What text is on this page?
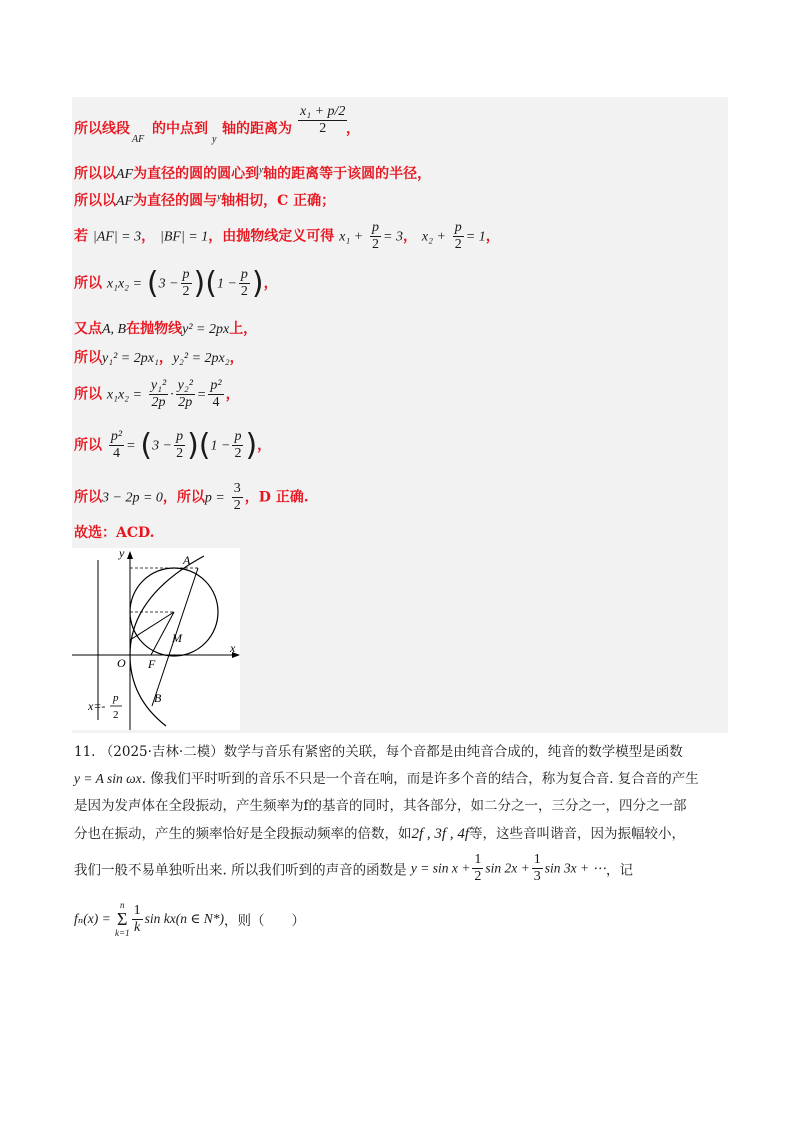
所以线段
AF
的中点到
y
轴的距离为 $\frac{\text{x₁ + p/2}}{2}$
，
所以以AF为直径的圆的圆心到$^y$轴的距离等于该圆的半径，
所以以AF为直径的圆与$^y$轴相切，C 正确；
若 |AF| = 3， |BF| = 1，由抛物线定义可得 $x_1 + \frac{p}{2} = 3$， $x_2 + \frac{p}{2} = 1$，
所以 $x_1x_2 = (3 - \frac{p}{2} )(1 - \frac{p}{2}$ )，
又点A, B在抛物线y² = 2px上，
所以y₁² = 2px₁，y₂² = 2px₂，
所以 $x_1x_2 = \frac{\text{y₁²}}{2p} \cdot \frac{\text{y₂²}}{2p} = \frac{\text{p²}}{4}$ ，
所以 $\frac{\text{p²}}{4} = (3 - \frac{p}{2} )(1 - \frac{p}{2}$ )，
所以3 − 2p = 0，所以$p = \frac{3}{2}$ ，D 正确.
故选：ACD.
y
x
O F
A
M
B
x=-
p
2
11. （2025·吉林·二模）数学与音乐有紧密的关联，每个音都是由纯音合成的，纯音的数学模型是函数
y = A sin ωx. 像我们平时听到的音乐不只是一个音在响，而是许多个音的结合，称为复合音. 复合音的产生
是因为发声体在全段振动，产生频率为f的基音的同时，其各部分，如二分之一，三分之一，四分之一部
分也在振动，产生的频率恰好是全段振动频率的倍数，如2f , 3f , 4f等，这些音叫谐音，因为振幅较小，
我们一般不易单独听出来. 所以我们听到的声音的函数是 $y = \sin x + \frac{1}{2}$ $\sin 2x + \frac{1}{3}$ sin 3x + ⋯，记
fₙ(x) =
n
Σ
$k=1 \frac{1}{k}$ sin kx(n ∈ N*)，则（　　）
